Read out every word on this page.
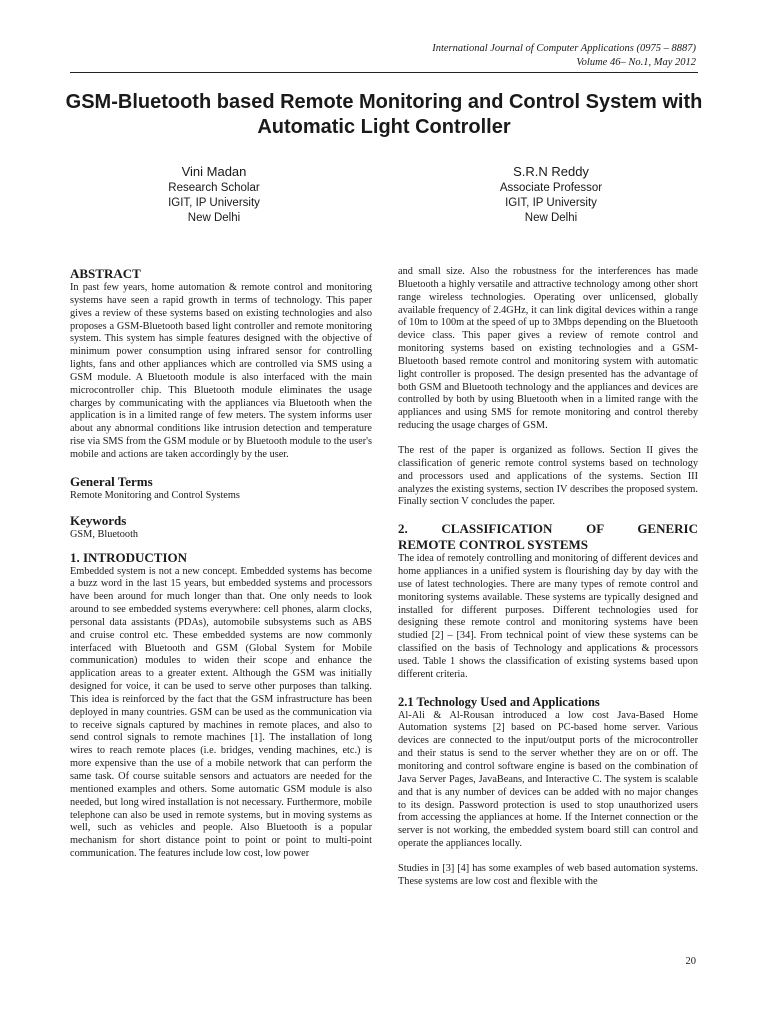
International Journal of Computer Applications (0975 – 8887)
Volume 46– No.1, May 2012
GSM-Bluetooth based Remote Monitoring and Control System with Automatic Light Controller
Vini Madan
Research Scholar
IGIT, IP University
New Delhi
S.R.N Reddy
Associate Professor
IGIT, IP University
New Delhi
ABSTRACT

In past few years, home automation & remote control and monitoring systems have seen a rapid growth in terms of technology. This paper gives a review of these systems based on existing technologies and also proposes a GSM-Bluetooth based light controller and remote monitoring system. This system has simple features designed with the objective of minimum power consumption using infrared sensor for controlling lights, fans and other appliances which are controlled via SMS using a GSM module. A Bluetooth module is also interfaced with the main microcontroller chip. This Bluetooth module eliminates the usage charges by communicating with the appliances via Bluetooth when the application is in a limited range of few meters. The system informs user about any abnormal conditions like intrusion detection and temperature rise via SMS from the GSM module or by Bluetooth module to the user's mobile and actions are taken accordingly by the user.

General Terms

Remote Monitoring and Control Systems

Keywords

GSM, Bluetooth

1. INTRODUCTION

Embedded system is not a new concept. Embedded systems has become a buzz word in the last 15 years, but embedded systems and processors have been around for much longer than that. One only needs to look around to see embedded systems everywhere: cell phones, alarm clocks, personal data assistants (PDAs), automobile subsystems such as ABS and cruise control etc. These embedded systems are now commonly interfaced with Bluetooth and GSM (Global System for Mobile communication) modules to widen their scope and enhance the application areas to a greater extent. Although the GSM was initially designed for voice, it can be used to serve other purposes than talking. This idea is reinforced by the fact that the GSM infrastructure has been deployed in many countries. GSM can be used as the communication via to receive signals captured by machines in remote places, and also to send control signals to remote machines [1]. The installation of long wires to reach remote places (i.e. bridges, vending machines, etc.) is more expensive than the use of a mobile network that can perform the same task. Of course suitable sensors and actuators are needed for the mentioned examples and others. Some automatic GSM module is also needed, but long wired installation is not necessary. Furthermore, mobile telephone can also be used in remote systems, but in moving systems as well, such as vehicles and people. Also Bluetooth is a popular mechanism for short distance point to point or point to multi-point communication. The features include low cost, low power

and small size. Also the robustness for the interferences has made Bluetooth a highly versatile and attractive technology among other short range wireless technologies. Operating over unlicensed, globally available frequency of 2.4GHz, it can link digital devices within a range of 10m to 100m at the speed of up to 3Mbps depending on the Bluetooth device class. This paper gives a review of remote control and monitoring systems based on existing technologies and a GSM-Bluetooth based remote control and monitoring system with automatic light controller is proposed. The design presented has the advantage of both GSM and Bluetooth technology and the appliances and devices are controlled by both by using Bluetooth when in a limited range with the appliances and using SMS for remote monitoring and control thereby reducing the usage charges of GSM.

The rest of the paper is organized as follows. Section II gives the classification of generic remote control systems based on technology and processors used and applications of the systems. Section III analyzes the existing systems, section IV describes the proposed system. Finally section V concludes the paper.

2. CLASSIFICATION OF GENERIC
REMOTE CONTROL SYSTEMS

The idea of remotely controlling and monitoring of different devices and home appliances in a unified system is flourishing day by day with the use of latest technologies. There are many types of remote control and monitoring systems available. These systems are typically designed and installed for different purposes. Different technologies used for designing these remote control and monitoring systems have been studied [2] – [34]. From technical point of view these systems can be classified on the basis of Technology and applications & processors used. Table 1 shows the classification of existing systems based upon different criteria.

2.1 Technology Used and Applications

Al-Ali & Al-Rousan introduced a low cost Java-Based Home Automation systems [2] based on PC-based home server. Various devices are connected to the input/output ports of the microcontroller and their status is send to the server whether they are on or off. The monitoring and control software engine is based on the combination of Java Server Pages, JavaBeans, and Interactive C. The system is scalable and that is any number of devices can be added with no major changes to its design. Password protection is used to stop unauthorized users from accessing the appliances at home. If the Internet connection or the server is not working, the embedded system board still can control and operate the appliances locally.

Studies in [3] [4] has some examples of web based automation systems. These systems are low cost and flexible with the

20
